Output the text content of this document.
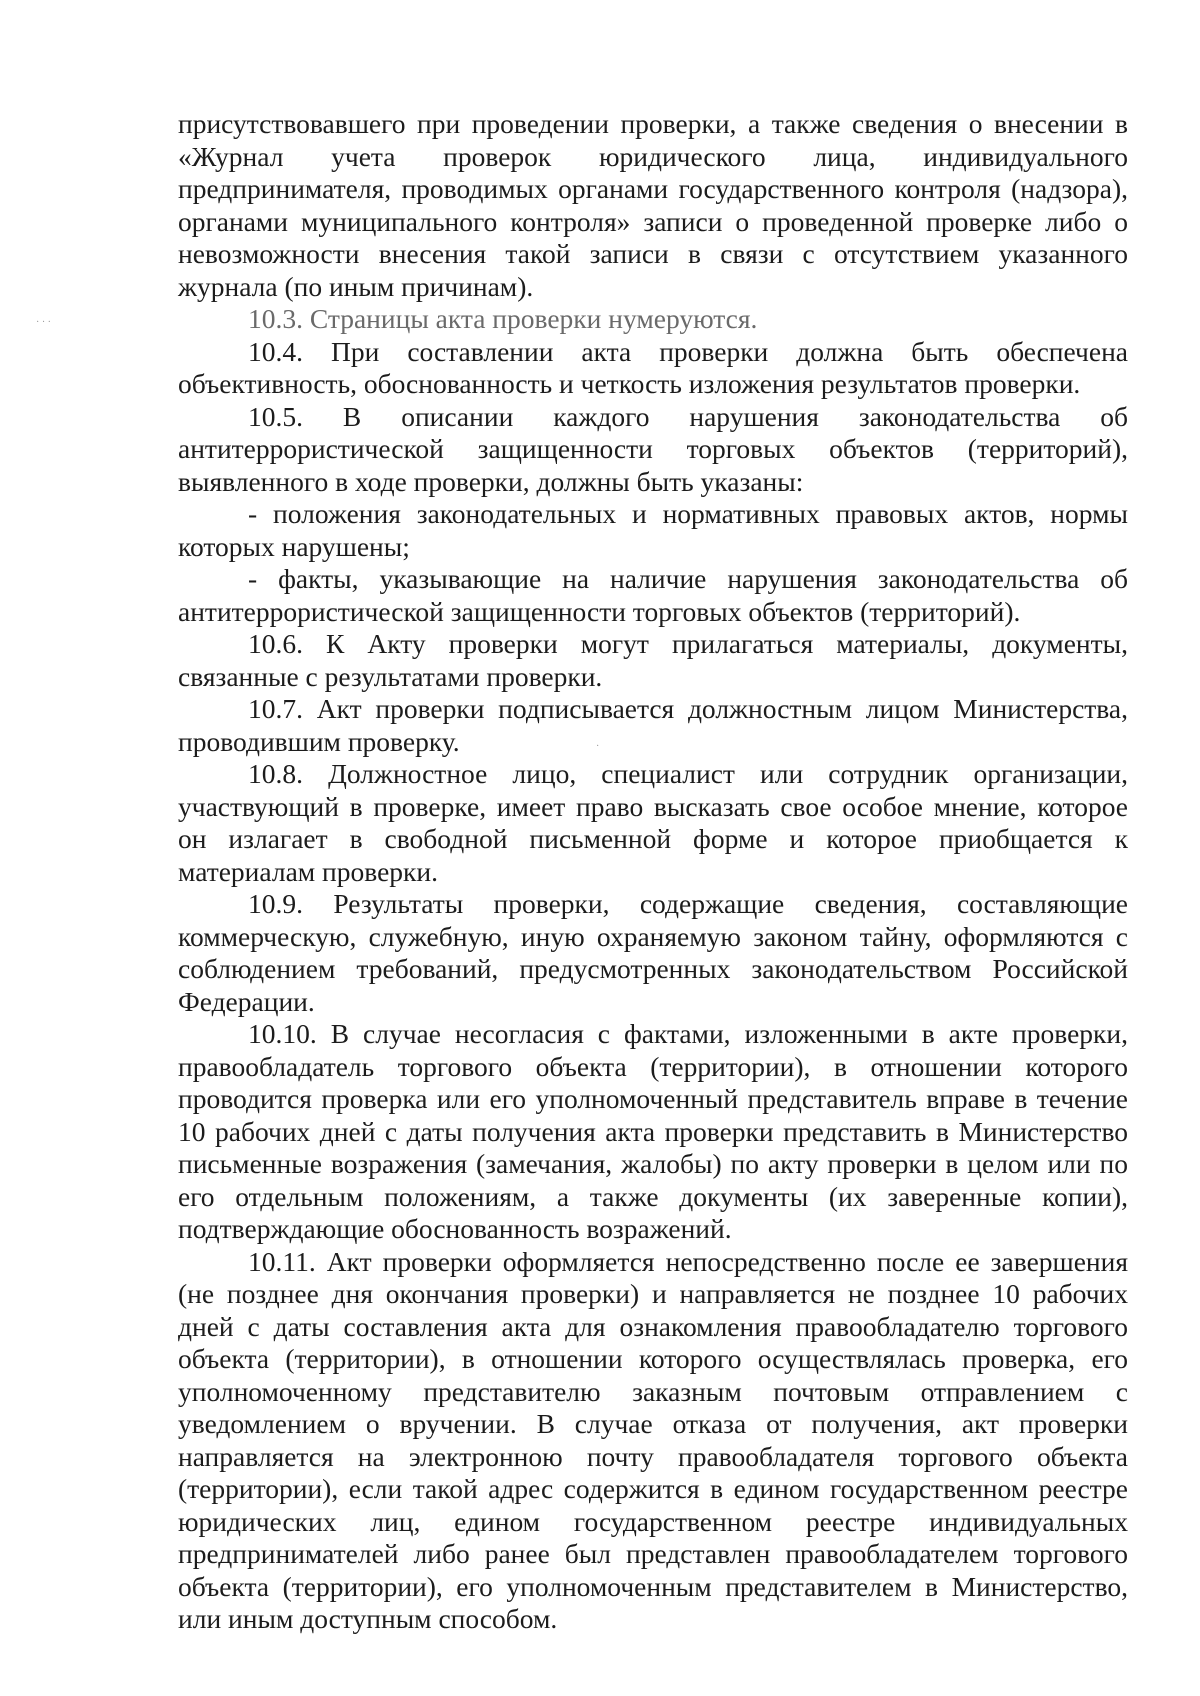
присутствовавшего при проведении проверки, а также сведения о внесении в «Журнал учета проверок юридического лица, индивидуального предпринимателя, проводимых органами государственного контроля (надзора), органами муниципального контроля» записи о проведенной проверке либо о невозможности внесения такой записи в связи с отсутствием указанного журнала (по иным причинам).

10.3. Страницы акта проверки нумеруются.

10.4. При составлении акта проверки должна быть обеспечена объективность, обоснованность и четкость изложения результатов проверки.

10.5. В описании каждого нарушения законодательства об антитеррористической защищенности торговых объектов (территорий), выявленного в ходе проверки, должны быть указаны:

- положения законодательных и нормативных правовых актов, нормы которых нарушены;

- факты, указывающие на наличие нарушения законодательства об антитеррористической защищенности торговых объектов (территорий).

10.6. К Акту проверки могут прилагаться материалы, документы, связанные с результатами проверки.

10.7. Акт проверки подписывается должностным лицом Министерства, проводившим проверку.

10.8. Должностное лицо, специалист или сотрудник организации, участвующий в проверке, имеет право высказать свое особое мнение, которое он излагает в свободной письменной форме и которое приобщается к материалам проверки.

10.9. Результаты проверки, содержащие сведения, составляющие коммерческую, служебную, иную охраняемую законом тайну, оформляются с соблюдением требований, предусмотренных законодательством Российской Федерации.

10.10. В случае несогласия с фактами, изложенными в акте проверки, правообладатель торгового объекта (территории), в отношении которого проводится проверка или его уполномоченный представитель вправе в течение 10 рабочих дней с даты получения акта проверки представить в Министерство письменные возражения (замечания, жалобы) по акту проверки в целом или по его отдельным положениям, а также документы (их заверенные копии), подтверждающие обоснованность возражений.

10.11. Акт проверки оформляется непосредственно после ее завершения (не позднее дня окончания проверки) и направляется не позднее 10 рабочих дней с даты составления акта для ознакомления правообладателю торгового объекта (территории), в отношении которого осуществлялась проверка, его уполномоченному представителю заказным почтовым отправлением с уведомлением о вручении. В случае отказа от получения, акт проверки направляется на электронною почту правообладателя торгового объекта (территории), если такой адрес содержится в едином государственном реестре юридических лиц, едином государственном реестре индивидуальных предпринимателей либо ранее был представлен правообладателем торгового объекта (территории), его уполномоченным представителем в Министерство, или иным доступным способом.

· · ·
·
